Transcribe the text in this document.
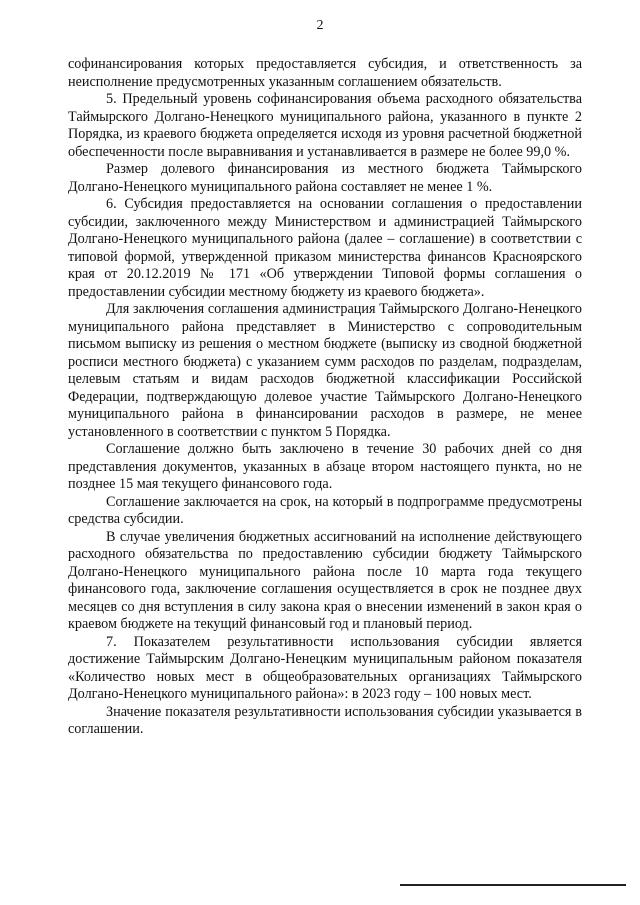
2

софинансирования которых предоставляется субсидия, и ответственность за неисполнение предусмотренных указанным соглашением обязательств.

5. Предельный уровень софинансирования объема расходного обязательства Таймырского Долгано-Ненецкого муниципального района, указанного в пункте 2 Порядка, из краевого бюджета определяется исходя из уровня расчетной бюджетной обеспеченности после выравнивания и устанавливается в размере не более 99,0 %.

Размер долевого финансирования из местного бюджета Таймырского Долгано-Ненецкого муниципального района составляет не менее 1 %.

6. Субсидия предоставляется на основании соглашения о предоставлении субсидии, заключенного между Министерством и администрацией Таймырского Долгано-Ненецкого муниципального района (далее – соглашение) в соответствии с типовой формой, утвержденной приказом министерства финансов Красноярского края от 20.12.2019 № 171 «Об утверждении Типовой формы соглашения о предоставлении субсидии местному бюджету из краевого бюджета».

Для заключения соглашения администрация Таймырского Долгано-Ненецкого муниципального района представляет в Министерство с сопроводительным письмом выписку из решения о местном бюджете (выписку из сводной бюджетной росписи местного бюджета) с указанием сумм расходов по разделам, подразделам, целевым статьям и видам расходов бюджетной классификации Российской Федерации, подтверждающую долевое участие Таймырского Долгано-Ненецкого муниципального района в финансировании расходов в размере, не менее установленного в соответствии с пунктом 5 Порядка.

Соглашение должно быть заключено в течение 30 рабочих дней со дня представления документов, указанных в абзаце втором настоящего пункта, но не позднее 15 мая текущего финансового года.

Соглашение заключается на срок, на который в подпрограмме предусмотрены средства субсидии.

В случае увеличения бюджетных ассигнований на исполнение действующего расходного обязательства по предоставлению субсидии бюджету Таймырского Долгано-Ненецкого муниципального района после 10 марта года текущего финансового года, заключение соглашения осуществляется в срок не позднее двух месяцев со дня вступления в силу закона края о внесении изменений в закон края о краевом бюджете на текущий финансовый год и плановый период.

7. Показателем результативности использования субсидии является достижение Таймырским Долгано-Ненецким муниципальным районом показателя «Количество новых мест в общеобразовательных организациях Таймырского Долгано-Ненецкого муниципального района»: в 2023 году – 100 новых мест.

Значение показателя результативности использования субсидии указывается в соглашении.
